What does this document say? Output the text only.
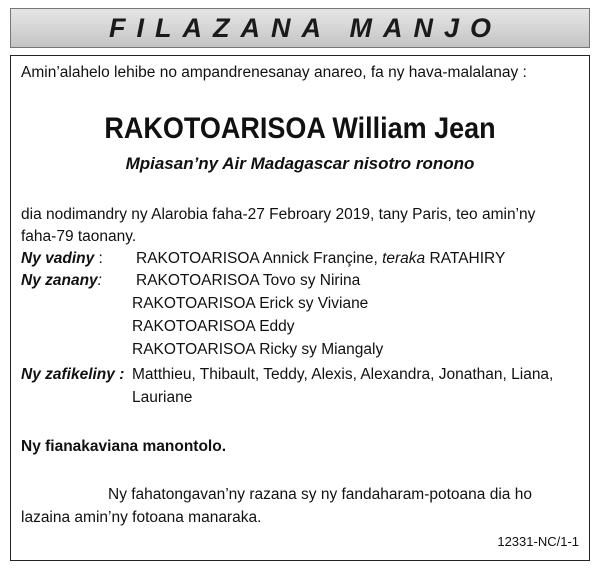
FILAZANA MANJO
Amin’alahelo lehibe no ampandrenesanay anareo, fa ny hava-malalanay :
RAKOTOARISOA William Jean
Mpiasan’ny Air Madagascar nisotro ronono
dia nodimandry ny Alarobia faha-27 Febroary 2019, tany Paris, teo amin’ny
faha-79 taonany.
Ny vadiny : RAKOTOARISOA Annick Françine, teraka RATAHIRY
Ny zanany: RAKOTOARISOA Tovo sy Nirina
RAKOTOARISOA Erick sy Viviane
RAKOTOARISOA Eddy
RAKOTOARISOA Ricky sy Miangaly
Ny zafikeliny : Matthieu, Thibault, Teddy, Alexis, Alexandra, Jonathan, Liana,
Lauriane
Ny fianakaviana manontolo.
Ny fahatongavan’ny razana sy ny fandaharam-potoana dia ho
lazaina amin’ny fotoana manaraka.
12331-NC/1-1
